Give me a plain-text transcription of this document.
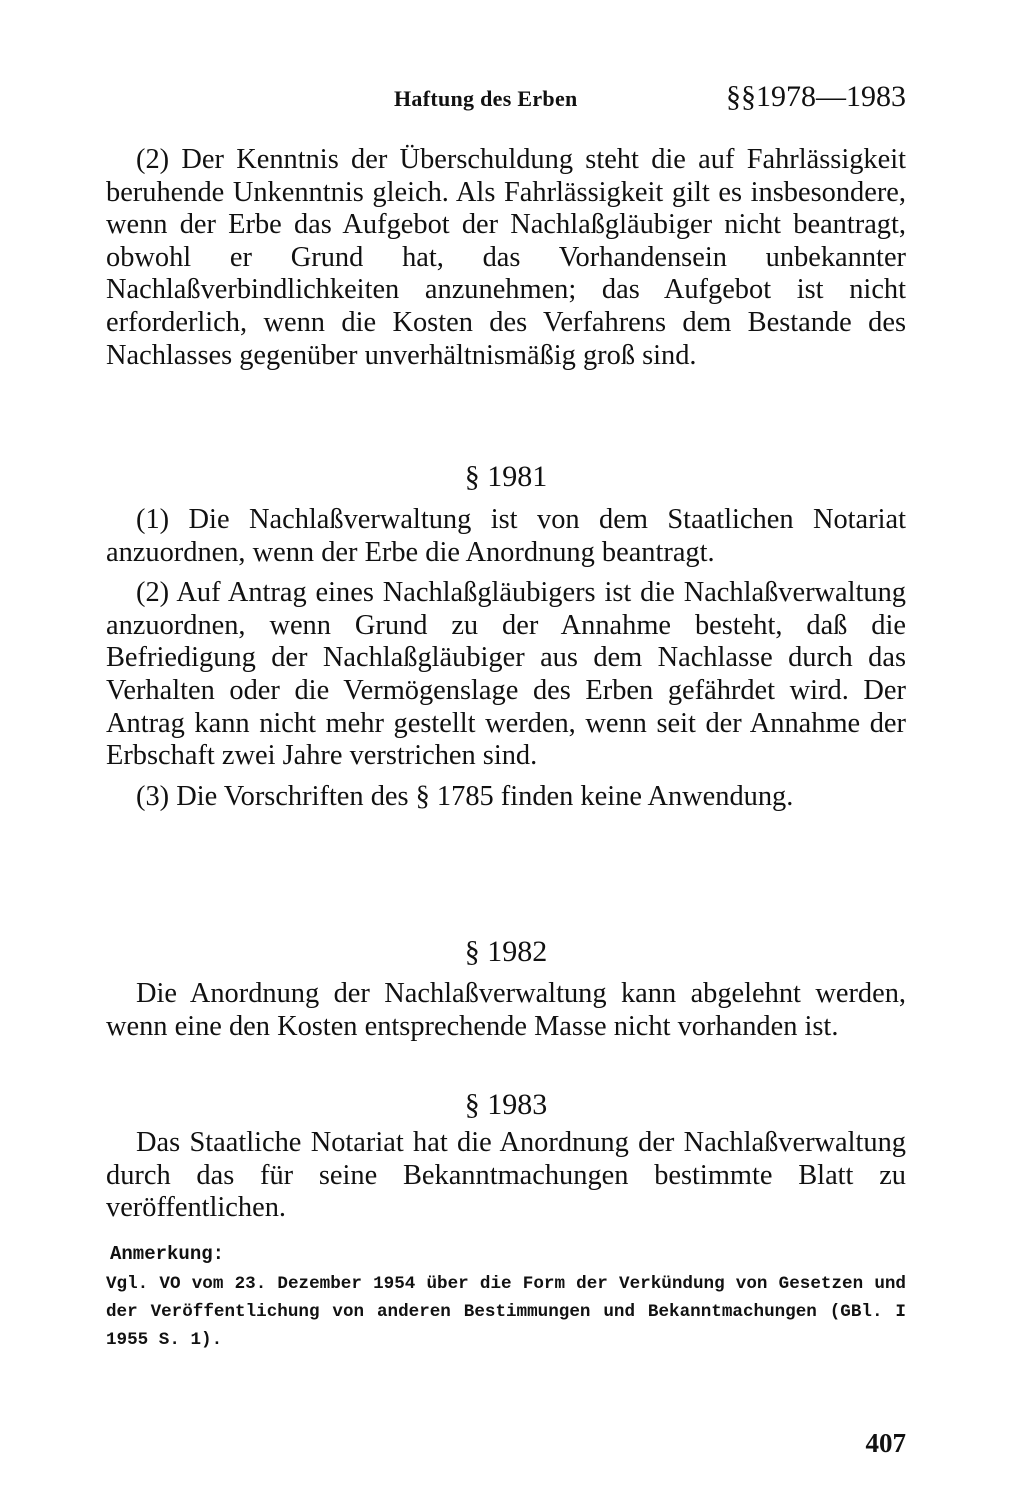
Haftung des Erben	§§1978—1983

(2) Der Kenntnis der Überschuldung steht die auf Fahrlässigkeit beruhende Unkenntnis gleich. Als Fahrlässigkeit gilt es insbesondere, wenn der Erbe das Aufgebot der Nachlaßgläubiger nicht beantragt, obwohl er Grund hat, das Vorhandensein unbekannter Nachlaßverbindlichkeiten anzunehmen; das Aufgebot ist nicht erforderlich, wenn die Kosten des Verfahrens dem Bestande des Nachlasses gegenüber unverhältnismäßig groß sind.

§ 1981

(1) Die Nachlaßverwaltung ist von dem Staatlichen Notariat anzuordnen, wenn der Erbe die Anordnung beantragt.

(2) Auf Antrag eines Nachlaßgläubigers ist die Nachlaßverwaltung anzuordnen, wenn Grund zu der Annahme besteht, daß die Befriedigung der Nachlaßgläubiger aus dem Nachlasse durch das Verhalten oder die Vermögenslage des Erben gefährdet wird. Der Antrag kann nicht mehr gestellt werden, wenn seit der Annahme der Erbschaft zwei Jahre verstrichen sind.

(3) Die Vorschriften des § 1785 finden keine Anwendung.

§ 1982

Die Anordnung der Nachlaßverwaltung kann abgelehnt werden, wenn eine den Kosten entsprechende Masse nicht vorhanden ist.

§ 1983

Das Staatliche Notariat hat die Anordnung der Nachlaßverwaltung durch das für seine Bekanntmachungen bestimmte Blatt zu veröffentlichen.

Anmerkung:

Vgl. VO vom 23. Dezember 1954 über die Form der Verkündung von Gesetzen und der Veröffentlichung von anderen Bestimmungen und Bekanntmachungen (GBl. I 1955 S. 1).

407
